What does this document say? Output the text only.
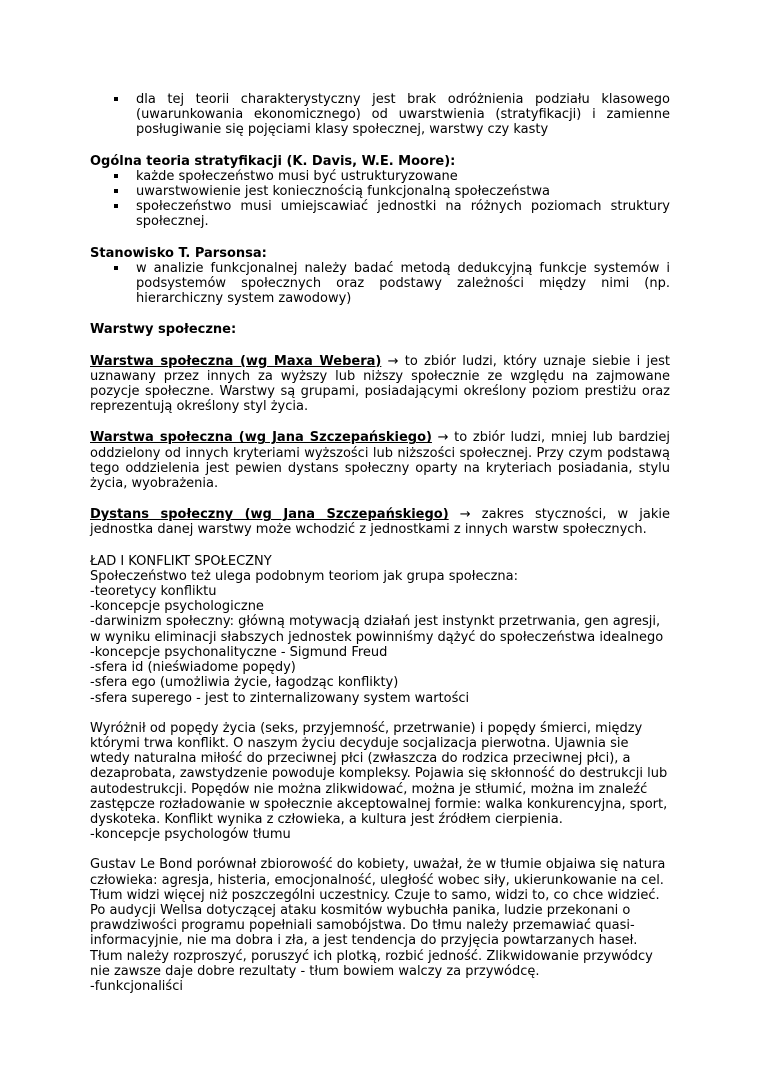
dla tej teorii charakterystyczny jest brak odróżnienia podziału klasowego (uwarunkowania ekonomicznego) od uwarstwienia (stratyfikacji) i zamienne posługiwanie się pojęciami klasy społecznej, warstwy czy kasty
Ogólna teoria stratyfikacji (K. Davis, W.E. Moore):
każde społeczeństwo musi być ustrukturyzowane
uwarstwowienie jest koniecznością funkcjonalną społeczeństwa
społeczeństwo musi umiejscawiać jednostki na różnych poziomach struktury społecznej.
Stanowisko T. Parsonsa:
w analizie funkcjonalnej należy badać metodą dedukcyjną funkcje systemów i podsystemów społecznych oraz podstawy zależności między nimi (np. hierarchiczny system zawodowy)
Warstwy społeczne:

Warstwa społeczna (wg Maxa Webera) → to zbiór ludzi, który uznaje siebie i jest uznawany przez innych za wyższy lub niższy społecznie ze względu na zajmowane pozycje społeczne. Warstwy są grupami, posiadającymi określony poziom prestiżu oraz reprezentują określony styl życia.

Warstwa społeczna (wg Jana Szczepańskiego) → to zbiór ludzi, mniej lub bardziej oddzielony od innych kryteriami wyższości lub niższości społecznej. Przy czym podstawą tego oddzielenia jest pewien dystans społeczny oparty na kryteriach posiadania, stylu życia, wyobrażenia.

Dystans społeczny (wg Jana Szczepańskiego) → zakres styczności, w jakie jednostka danej warstwy może wchodzić z jednostkami z innych warstw społecznych.

ŁAD I KONFLIKT SPOŁECZNY

Społeczeństwo też ulega podobnym teoriom jak grupa społeczna:

-teoretycy konfliktu

-koncepcje psychologiczne

-darwinizm społeczny: główną motywacją działań jest instynkt przetrwania, gen agresji, w wyniku eliminacji słabszych jednostek powinniśmy dążyć do społeczeństwa idealnego

-koncepcje psychonalityczne - Sigmund Freud

-sfera id (nieświadome popędy)

-sfera ego (umożliwia życie, łagodząc konflikty)

-sfera superego - jest to zinternalizowany system wartości

Wyróżnił od popędy życia (seks, przyjemność, przetrwanie) i popędy śmierci, między którymi trwa konflikt. O naszym życiu decyduje socjalizacja pierwotna. Ujawnia sie wtedy naturalna miłość do przeciwnej płci (zwłaszcza do rodzica przeciwnej płci), a dezaprobata, zawstydzenie powoduje kompleksy. Pojawia się skłonność do destrukcji lub autodestrukcji. Popędów nie można zlikwidować, można je stłumić, można im znaleźć zastępcze rozładowanie w społecznie akceptowalnej formie: walka konkurencyjna, sport, dyskoteka. Konflikt wynika z człowieka, a kultura jest źródłem cierpienia.

-koncepcje psychologów tłumu

Gustav Le Bond porównał zbiorowość do kobiety, uważał, że w tłumie objaiwa się natura człowieka: agresja, histeria, emocjonalność, uległość wobec siły, ukierunkowanie na cel. Tłum widzi więcej niż poszczególni uczestnicy. Czuje to samo, widzi to, co chce widzieć. Po audycji Wellsa dotyczącej ataku kosmitów wybuchła panika, ludzie przekonani o prawdziwości programu popełniali samobójstwa. Do tłmu należy przemawiać quasi-informacyjnie, nie ma dobra i zła, a jest tendencja do przyjęcia powtarzanych haseł. Tłum należy rozproszyć, poruszyć ich plotką, rozbić jedność. Zlikwidowanie przywódcy nie zawsze daje dobre rezultaty - tłum bowiem walczy za przywódcę.

-funkcjonaliści
